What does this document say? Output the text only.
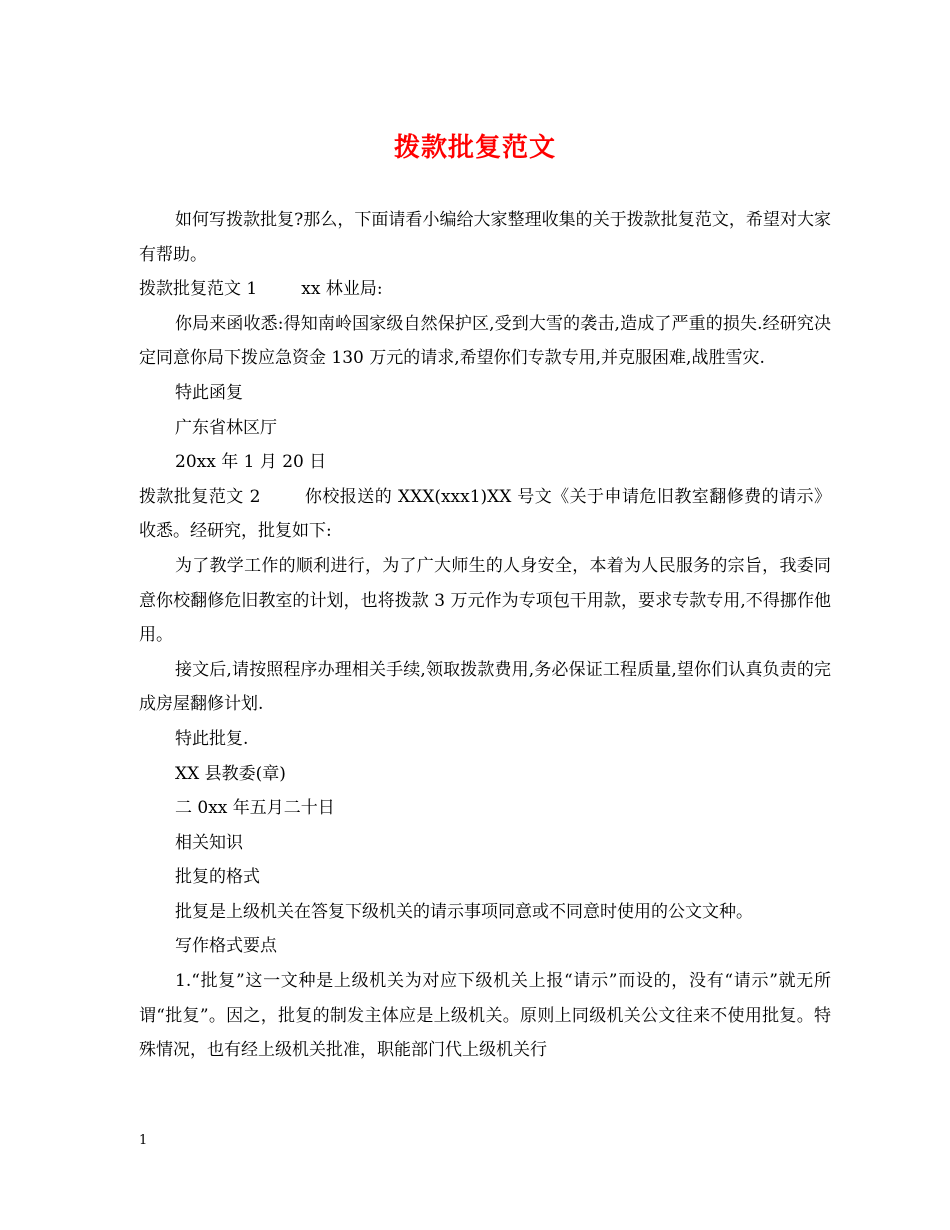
拨款批复范文

如何写拨款批复?那么，下面请看小编给大家整理收集的关于拨款批复范文，希望对大家有帮助。

拨款批复范文 1	xx 林业局:

你局来函收悉:得知南岭国家级自然保护区,受到大雪的袭击,造成了严重的损失.经研究决定同意你局下拨应急资金 130 万元的请求,希望你们专款专用,并克服困难,战胜雪灾.

特此函复

广东省林区厅

20xx 年 1 月 20 日

拨款批复范文 2	你校报送的 XXX(xxx1)XX 号文《关于申请危旧教室翻修费的请示》收悉。经研究，批复如下:

为了教学工作的顺利进行，为了广大师生的人身安全，本着为人民服务的宗旨，我委同意你校翻修危旧教室的计划，也将拨款 3 万元作为专项包干用款，要求专款专用,不得挪作他用。

接文后,请按照程序办理相关手续,领取拨款费用,务必保证工程质量,望你们认真负责的完成房屋翻修计划.

特此批复.

XX 县教委(章)

二 0xx 年五月二十日

相关知识

批复的格式

批复是上级机关在答复下级机关的请示事项同意或不同意时使用的公文文种。

写作格式要点

1.“批复”这一文种是上级机关为对应下级机关上报“请示”而设的，没有“请示”就无所谓“批复”。因之，批复的制发主体应是上级机关。原则上同级机关公文往来不使用批复。特殊情况，也有经上级机关批准，职能部门代上级机关行

1
